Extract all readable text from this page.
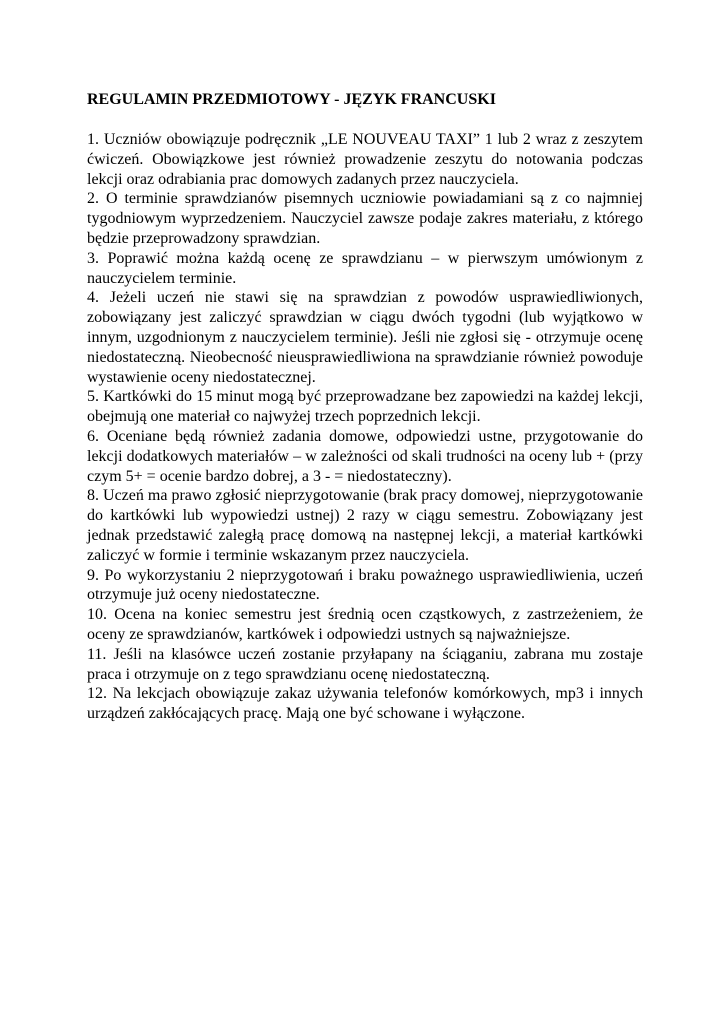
REGULAMIN PRZEDMIOTOWY - JĘZYK FRANCUSKI

1. Uczniów obowiązuje podręcznik „LE NOUVEAU TAXI” 1 lub 2 wraz z zeszytem ćwiczeń. Obowiązkowe jest również prowadzenie zeszytu do notowania podczas lekcji oraz odrabiania prac domowych zadanych przez nauczyciela.

2. O terminie sprawdzianów pisemnych uczniowie powiadamiani są z co najmniej tygodniowym wyprzedzeniem. Nauczyciel zawsze podaje zakres materiału, z którego będzie przeprowadzony sprawdzian.

3. Poprawić można każdą ocenę ze sprawdzianu – w pierwszym umówionym z nauczycielem terminie.

4. Jeżeli uczeń nie stawi się na sprawdzian z powodów usprawiedliwionych, zobowiązany jest zaliczyć sprawdzian w ciągu dwóch tygodni (lub wyjątkowo w innym, uzgodnionym z nauczycielem terminie). Jeśli nie zgłosi się - otrzymuje ocenę niedostateczną. Nieobecność nieusprawiedliwiona na sprawdzianie również powoduje wystawienie oceny niedostatecznej.

5. Kartkówki do 15 minut mogą być przeprowadzane bez zapowiedzi na każdej lekcji, obejmują one materiał co najwyżej trzech poprzednich lekcji.

6. Oceniane będą również zadania domowe, odpowiedzi ustne, przygotowanie do lekcji dodatkowych materiałów – w zależności od skali trudności na oceny lub + (przy czym 5+ = ocenie bardzo dobrej, a 3 - = niedostateczny).

8. Uczeń ma prawo zgłosić nieprzygotowanie (brak pracy domowej, nieprzygotowanie do kartkówki lub wypowiedzi ustnej) 2 razy w ciągu semestru. Zobowiązany jest jednak przedstawić zaległą pracę domową na następnej lekcji, a materiał kartkówki zaliczyć w formie i terminie wskazanym przez nauczyciela.

9. Po wykorzystaniu 2 nieprzygotowań i braku poważnego usprawiedliwienia, uczeń otrzymuje już oceny niedostateczne.

10. Ocena na koniec semestru jest średnią ocen cząstkowych, z zastrzeżeniem, że oceny ze sprawdzianów, kartkówek i odpowiedzi ustnych są najważniejsze.

11. Jeśli na klasówce uczeń zostanie przyłapany na ściąganiu, zabrana mu zostaje praca i otrzymuje on z tego sprawdzianu ocenę niedostateczną.

12. Na lekcjach obowiązuje zakaz używania telefonów komórkowych, mp3 i innych urządzeń zakłócających pracę. Mają one być schowane i wyłączone.
